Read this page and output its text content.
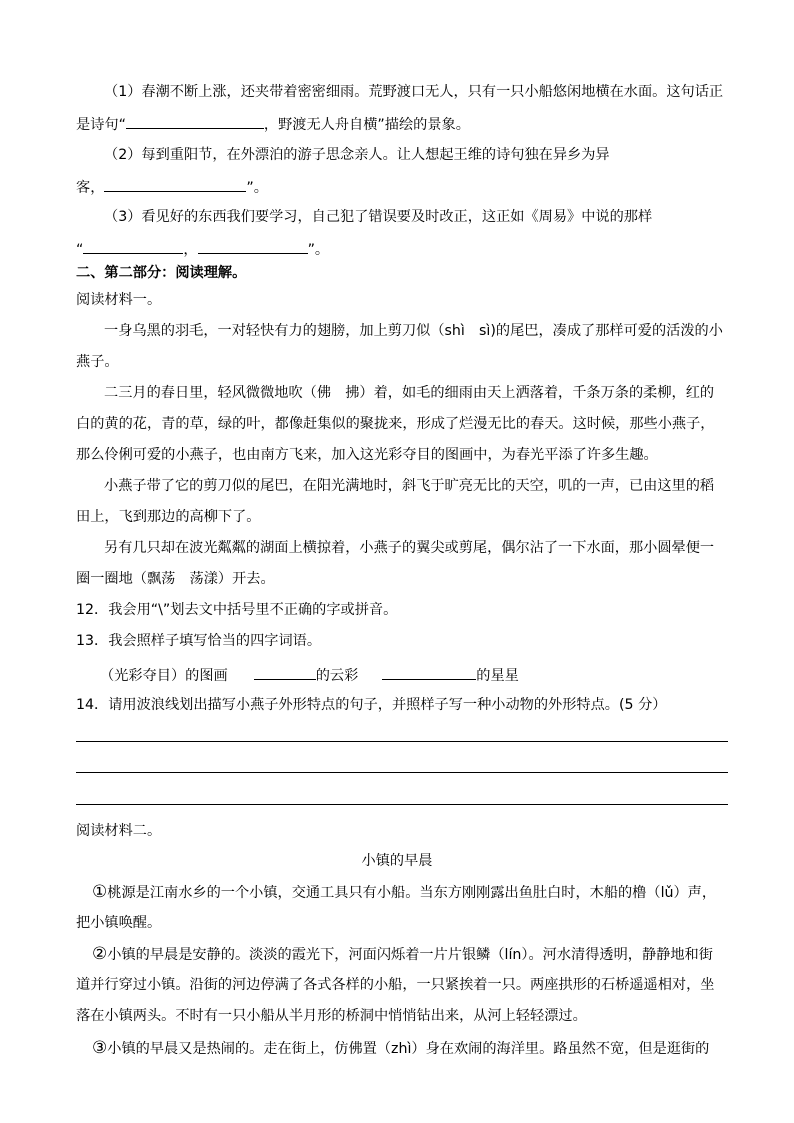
（1）春潮不断上涨，还夹带着密密细雨。荒野渡口无人，只有一只小船悠闲地横在水面。这句话正
是诗句“	，野渡无人舟自横”描绘的景象。
（2）每到重阳节，在外漂泊的游子思念亲人。让人想起王维的诗句独在异乡为异
客，	”。
（3）看见好的东西我们要学习，自己犯了错误要及时改正，这正如《周易》中说的那样
“	，	”。
二、第二部分：阅读理解。
阅读材料一。
一身乌黑的羽毛，一对轻快有力的翅膀，加上剪刀似（shì　sì)的尾巴，凑成了那样可爱的活泼的小
燕子。
二三月的春日里，轻风微微地吹（佛　拂）着，如毛的细雨由天上洒落着，千条万条的柔柳，红的
白的黄的花，青的草，绿的叶，都像赶集似的聚拢来，形成了烂漫无比的春天。这时候，那些小燕子，
那么伶俐可爱的小燕子，也由南方飞来，加入这光彩夺目的图画中，为春光平添了许多生趣。
小燕子带了它的剪刀似的尾巴，在阳光满地时，斜飞于旷亮无比的天空，叽的一声，已由这里的稻
田上，飞到那边的高柳下了。
另有几只却在波光粼粼的湖面上横掠着，小燕子的翼尖或剪尾，偶尔沾了一下水面，那小圆晕便一
圈一圈地（飘荡　荡漾）开去。
12．我会用“\”划去文中括号里不正确的字或拼音。
13．我会照样子填写恰当的四字词语。
（光彩夺目）的图画	的云彩	的星星
14．请用波浪线划出描写小燕子外形特点的句子，并照样子写一种小动物的外形特点。(5 分）
阅读材料二。
小镇的早晨
①桃源是江南水乡的一个小镇，交通工具只有小船。当东方刚刚露出鱼肚白时，木船的橹（lǔ）声，
把小镇唤醒。
②小镇的早晨是安静的。淡淡的霞光下，河面闪烁着一片片银鳞（lín）。河水清得透明，静静地和街
道并行穿过小镇。沿街的河边停满了各式各样的小船，一只紧挨着一只。两座拱形的石桥遥遥相对，坐
落在小镇两头。不时有一只小船从半月形的桥洞中悄悄钻出来，从河上轻轻漂过。
③小镇的早晨又是热闹的。走在街上，仿佛置（zhì）身在欢闹的海洋里。路虽然不宽，但是逛街的
